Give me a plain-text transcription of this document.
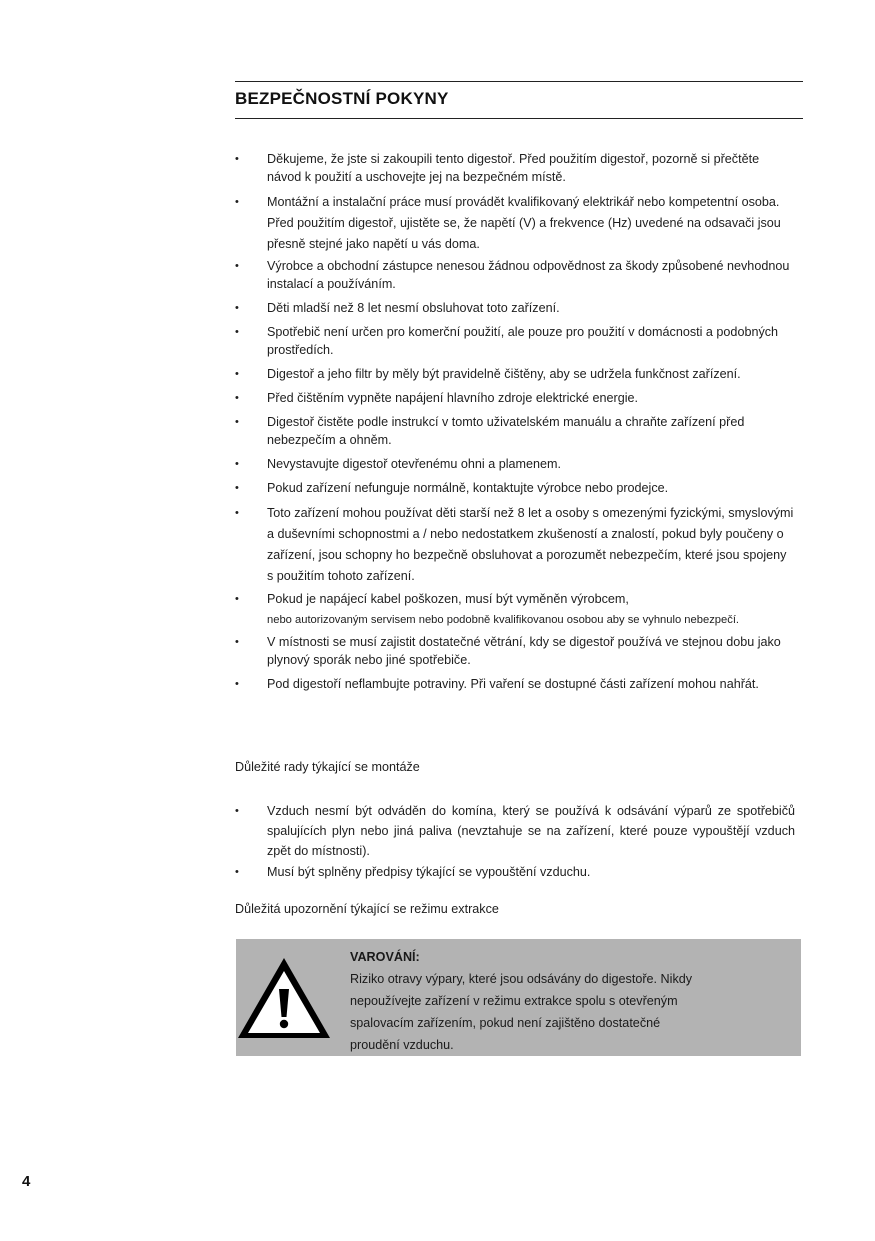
BEZPEČNOSTNÍ POKYNY
• Děkujeme, že jste si zakoupili tento digestoř. Před použitím digestoř, pozorně si přečtěte návod k použití a uschovejte jej na bezpečném místě.
• Montážní a instalační práce musí provádět kvalifikovaný elektrikář nebo kompetentní osoba. Před použitím digestoř, ujistěte se, že napětí (V) a frekvence (Hz) uvedené na odsavači jsou přesně stejné jako napětí u vás doma.
• Výrobce a obchodní zástupce nenesou žádnou odpovědnost za škody způsobené nevhodnou instalací a používáním.
• Děti mladší než 8 let nesmí obsluhovat toto zařízení.
• Spotřebič není určen pro komerční použití, ale pouze pro použití v domácnosti a podobných prostředích.
• Digestoř a jeho filtr by měly být pravidelně čištěny, aby se udržela funkčnost zařízení.
• Před čištěním vypněte napájení hlavního zdroje elektrické energie.
• Digestoř čistěte podle instrukcí v tomto uživatelském manuálu a chraňte zařízení před nebezpečím a ohněm.
• Nevystavujte digestoř otevřenému ohni a plamenem.
• Pokud zařízení nefunguje normálně, kontaktujte výrobce nebo prodejce.
• Toto zařízení mohou používat děti starší než 8 let a osoby s omezenými fyzickými, smyslovými a duševními schopnostmi a / nebo nedostatkem zkušeností a znalostí, pokud byly poučeny o zařízení, jsou schopny ho bezpečně obsluhovat a porozumět nebezpečím, které jsou spojeny s použitím tohoto zařízení.
• Pokud je napájecí kabel poškozen, musí být vyměněn výrobcem,
nebo autorizovaným servisem nebo podobně kvalifikovanou osobou aby se vyhnulo nebezpečí.
• V místnosti se musí zajistit dostatečné větrání, kdy se digestoř používá ve stejnou dobu jako plynový sporák nebo jiné spotřebiče.
• Pod digestoří neflambujte potraviny. Při vaření se dostupné části zařízení mohou nahřát.
Důležité rady týkající se montáže
• Vzduch nesmí být odváděn do komína, který se používá k odsávání výparů ze spotřebičů spalujících plyn nebo jiná paliva (nevztahuje se na zařízení, které pouze vypouštějí vzduch zpět do místnosti).
• Musí být splněny předpisy týkající se vypouštění vzduchu.
Důležitá upozornění týkající se režimu extrakce
VAROVÁNÍ:
Riziko otravy výpary, které jsou odsávány do digestoře. Nikdy
nepoužívejte zařízení v režimu extrakce spolu s otevřeným
spalovacím zařízením, pokud není zajištěno dostatečné
proudění vzduchu.
4
